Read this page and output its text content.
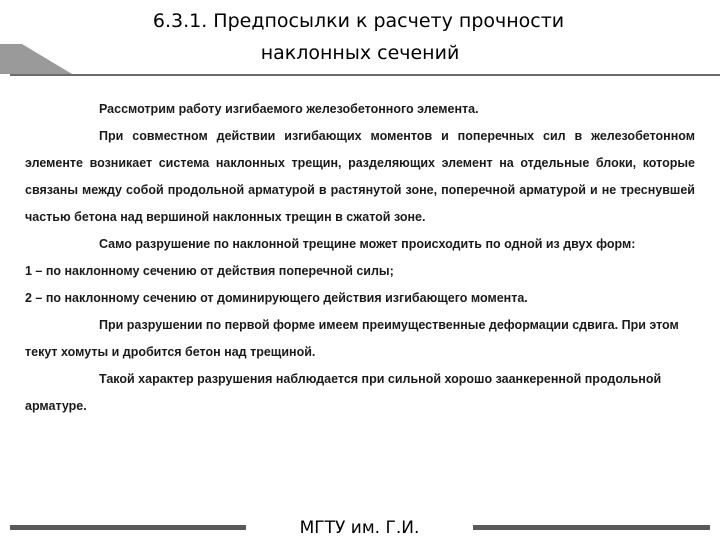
6.3.1. Предпосылки к расчету прочности
наклонных сечений

Рассмотрим работу изгибаемого железобетонного элемента.

При совместном действии изгибающих моментов и поперечных сил в железобетонном элементе возникает система наклонных трещин, разделяющих элемент на отдельные блоки, которые связаны между собой продольной арматурой в растянутой зоне, поперечной арматурой и не треснувшей частью бетона над вершиной наклонных трещин в сжатой зоне.

Само разрушение по наклонной трещине может происходить по одной из двух форм:

1 – по наклонному сечению от действия поперечной силы;

2 – по наклонному сечению от доминирующего действия изгибающего момента.

При разрушении по первой форме имеем преимущественные деформации сдвига. При этом текут хомуты и дробится бетон над трещиной.

Такой характер разрушения наблюдается при сильной хорошо заанкеренной продольной арматуре.

МГТУ им. Г.И.
